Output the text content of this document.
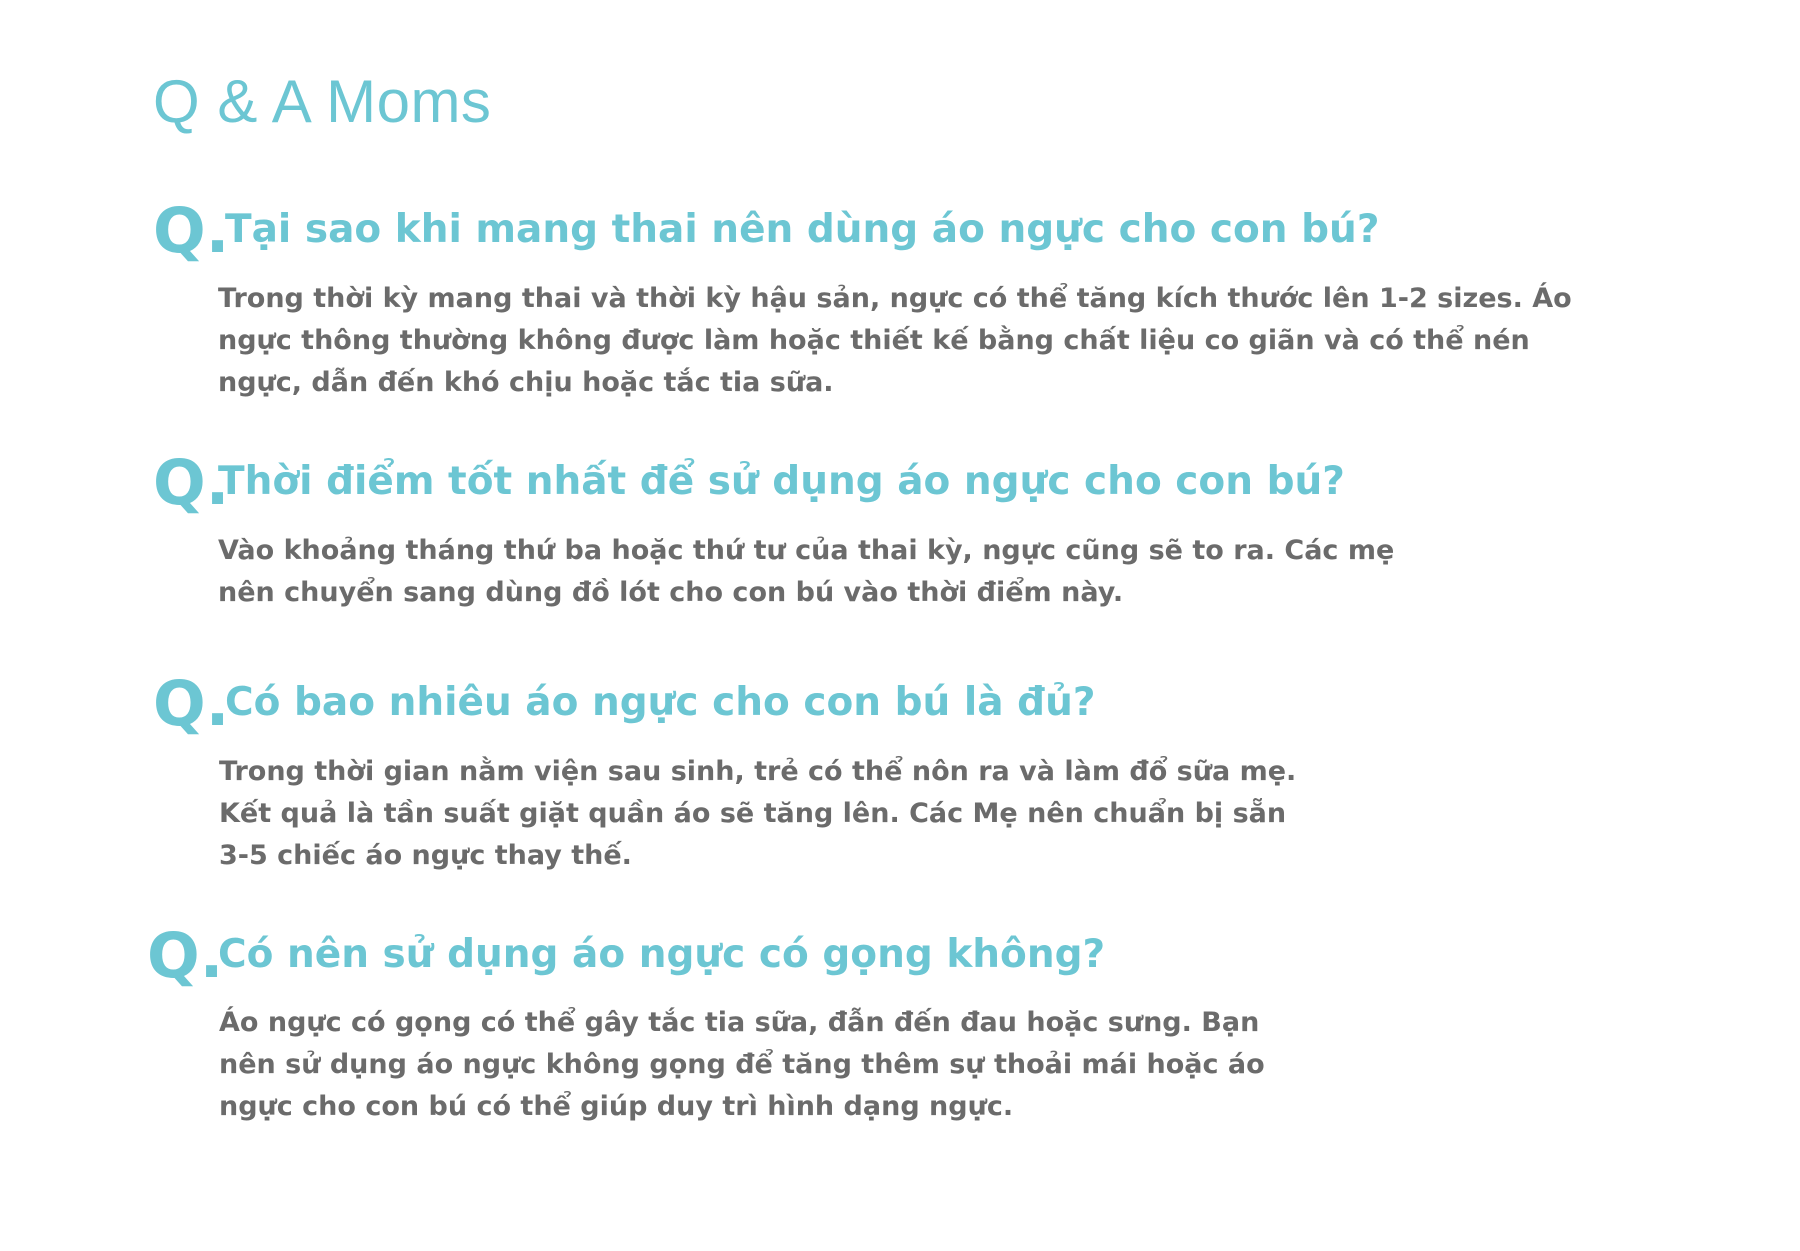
Q & A Moms
Q.
Tại sao khi mang thai nên dùng áo ngực cho con bú?

Trong thời kỳ mang thai và thời kỳ hậu sản, ngực có thể tăng kích thước lên 1-2 sizes. Áo
ngực thông thường không được làm hoặc thiết kế bằng chất liệu co giãn và có thể nén
ngực, dẫn đến khó chịu hoặc tắc tia sữa.

Q.
Thời điểm tốt nhất để sử dụng áo ngực cho con bú?

Vào khoảng tháng thứ ba hoặc thứ tư của thai kỳ, ngực cũng sẽ to ra. Các mẹ
nên chuyển sang dùng đồ lót cho con bú vào thời điểm này.

Q.
Có bao nhiêu áo ngực cho con bú là đủ?

Trong thời gian nằm viện sau sinh, trẻ có thể nôn ra và làm đổ sữa mẹ.
Kết quả là tần suất giặt quần áo sẽ tăng lên. Các Mẹ nên chuẩn bị sẵn
3-5 chiếc áo ngực thay thế.

Q.
Có nên sử dụng áo ngực có gọng không?

Áo ngực có gọng có thể gây tắc tia sữa, đẫn đến đau hoặc sưng. Bạn
nên sử dụng áo ngực không gọng để tăng thêm sự thoải mái hoặc áo
ngực cho con bú có thể giúp duy trì hình dạng ngực.
